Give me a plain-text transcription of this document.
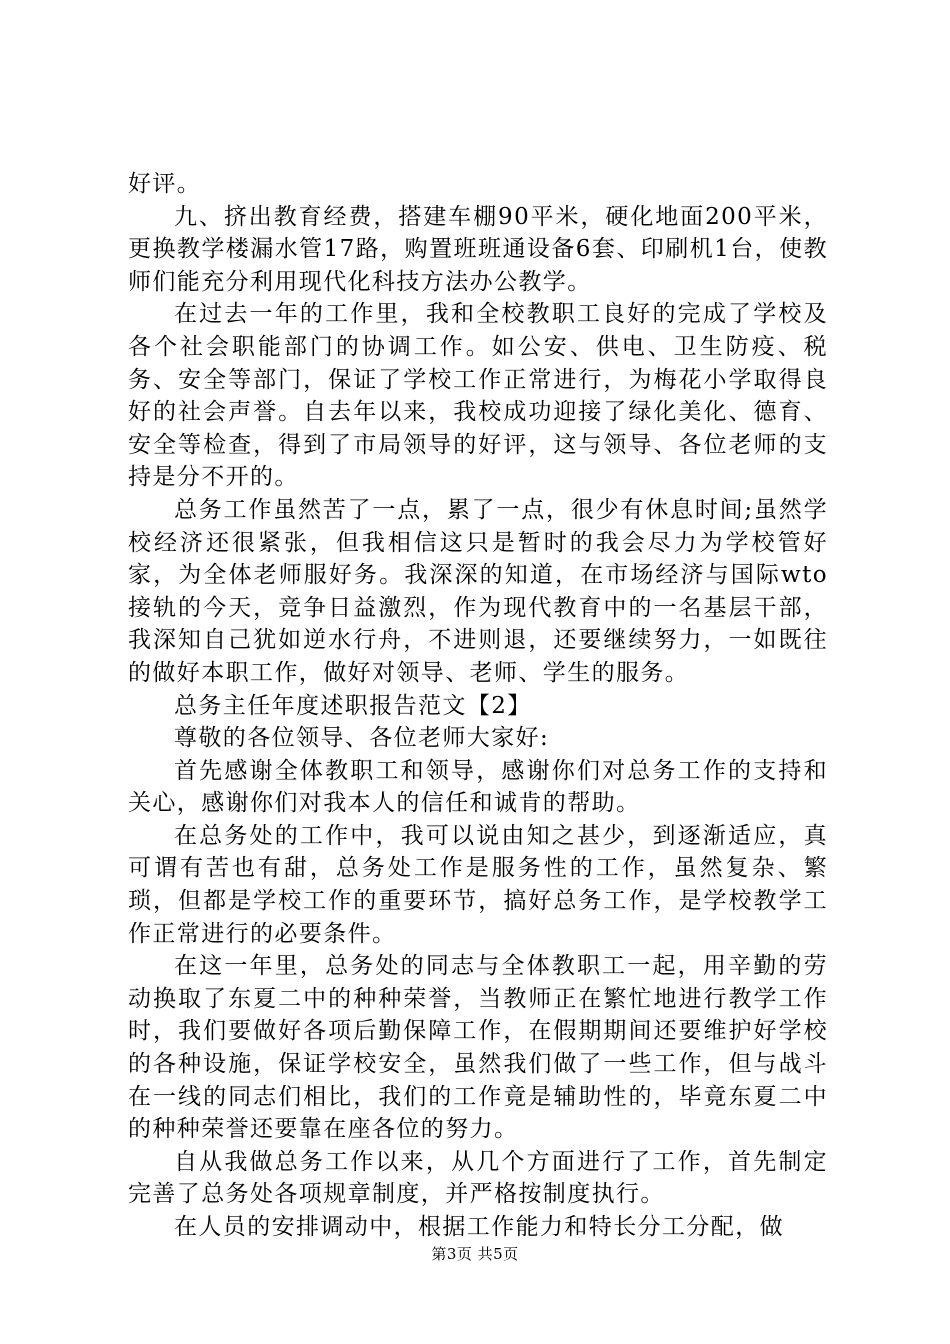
好评。

九、挤出教育经费，搭建车棚90平米，硬化地面200平米，更换教学楼漏水管17路，购置班班通设备6套、印刷机1台，使教师们能充分利用现代化科技方法办公教学。

在过去一年的工作里，我和全校教职工良好的完成了学校及各个社会职能部门的协调工作。如公安、供电、卫生防疫、税务、安全等部门，保证了学校工作正常进行，为梅花小学取得良好的社会声誉。自去年以来，我校成功迎接了绿化美化、德育、安全等检查，得到了市局领导的好评，这与领导、各位老师的支持是分不开的。

总务工作虽然苦了一点，累了一点，很少有休息时间;虽然学校经济还很紧张，但我相信这只是暂时的我会尽力为学校管好家，为全体老师服好务。我深深的知道，在市场经济与国际wto接轨的今天，竞争日益激烈，作为现代教育中的一名基层干部，我深知自己犹如逆水行舟，不进则退，还要继续努力，一如既往的做好本职工作，做好对领导、老师、学生的服务。

总务主任年度述职报告范文【2】

尊敬的各位领导、各位老师大家好:

首先感谢全体教职工和领导，感谢你们对总务工作的支持和关心，感谢你们对我本人的信任和诚肯的帮助。

在总务处的工作中，我可以说由知之甚少，到逐渐适应，真可谓有苦也有甜，总务处工作是服务性的工作，虽然复杂、繁琐，但都是学校工作的重要环节，搞好总务工作，是学校教学工作正常进行的必要条件。

在这一年里，总务处的同志与全体教职工一起，用辛勤的劳动换取了东夏二中的种种荣誉，当教师正在繁忙地进行教学工作时，我们要做好各项后勤保障工作，在假期期间还要维护好学校的各种设施，保证学校安全，虽然我们做了一些工作，但与战斗在一线的同志们相比，我们的工作竟是辅助性的，毕竟东夏二中的种种荣誉还要靠在座各位的努力。

自从我做总务工作以来，从几个方面进行了工作，首先制定完善了总务处各项规章制度，并严格按制度执行。

在人员的安排调动中，根据工作能力和特长分工分配，做

第3页 共5页
